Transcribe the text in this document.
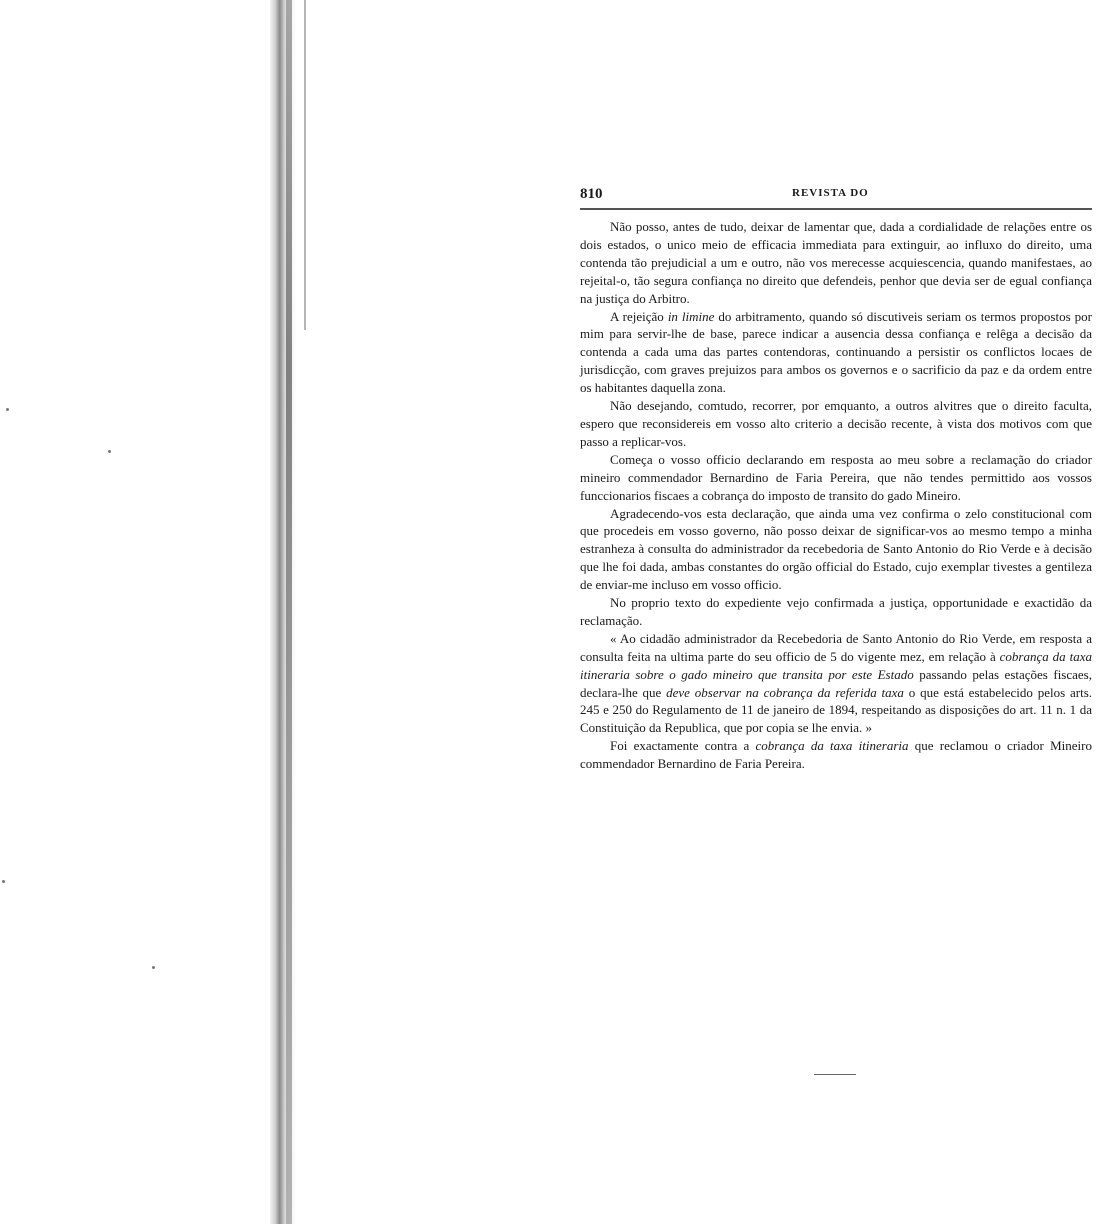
810	REVISTA DO

Não posso, antes de tudo, deixar de lamentar que, dada a cordialidade de relações entre os dois estados, o unico meio de efficacia immediata para extinguir, ao influxo do direito, uma contenda tão prejudicial a um e outro, não vos merecesse acquiescencia, quando manifestaes, ao rejeital-o, tão segura confiança no direito que defendeis, penhor que devia ser de egual confiança na justiça do Arbitro.

A rejeição in limine do arbitramento, quando só discutiveis seriam os termos propostos por mim para servir-lhe de base, parece indicar a ausencia dessa confiança e relêga a decisão da contenda a cada uma das partes contendoras, continuando a persistir os conflictos locaes de jurisdicção, com graves prejuizos para ambos os governos e o sacrificio da paz e da ordem entre os habitantes daquella zona.

Não desejando, comtudo, recorrer, por emquanto, a outros alvitres que o direito faculta, espero que reconsidereis em vosso alto criterio a decisão recente, à vista dos motivos com que passo a replicar-vos.

Começa o vosso officio declarando em resposta ao meu sobre a reclamação do criador mineiro commendador Bernardino de Faria Pereira, que não tendes permittido aos vossos funccionarios fiscaes a cobrança do imposto de transito do gado Mineiro.

Agradecendo-vos esta declaração, que ainda uma vez confirma o zelo constitucional com que procedeis em vosso governo, não posso deixar de significar-vos ao mesmo tempo a minha estranheza à consulta do administrador da recebedoria de Santo Antonio do Rio Verde e à decisão que lhe foi dada, ambas constantes do orgão official do Estado, cujo exemplar tivestes a gentileza de enviar-me incluso em vosso officio.

No proprio texto do expediente vejo confirmada a justiça, opportunidade e exactidão da reclamação.

« Ao cidadão administrador da Recebedoria de Santo Antonio do Rio Verde, em resposta a consulta feita na ultima parte do seu officio de 5 do vigente mez, em relação à cobrança da taxa itineraria sobre o gado mineiro que transita por este Estado passando pelas estações fiscaes, declara-lhe que deve observar na cobrança da referida taxa o que está estabelecido pelos arts. 245 e 250 do Regulamento de 11 de janeiro de 1894, respeitando as disposições do art. 11 n. 1 da Constituição da Republica, que por copia se lhe envia. »

Foi exactamente contra a cobrança da taxa itineraria que reclamou o criador Mineiro commendador Bernardino de Faria Pereira.
